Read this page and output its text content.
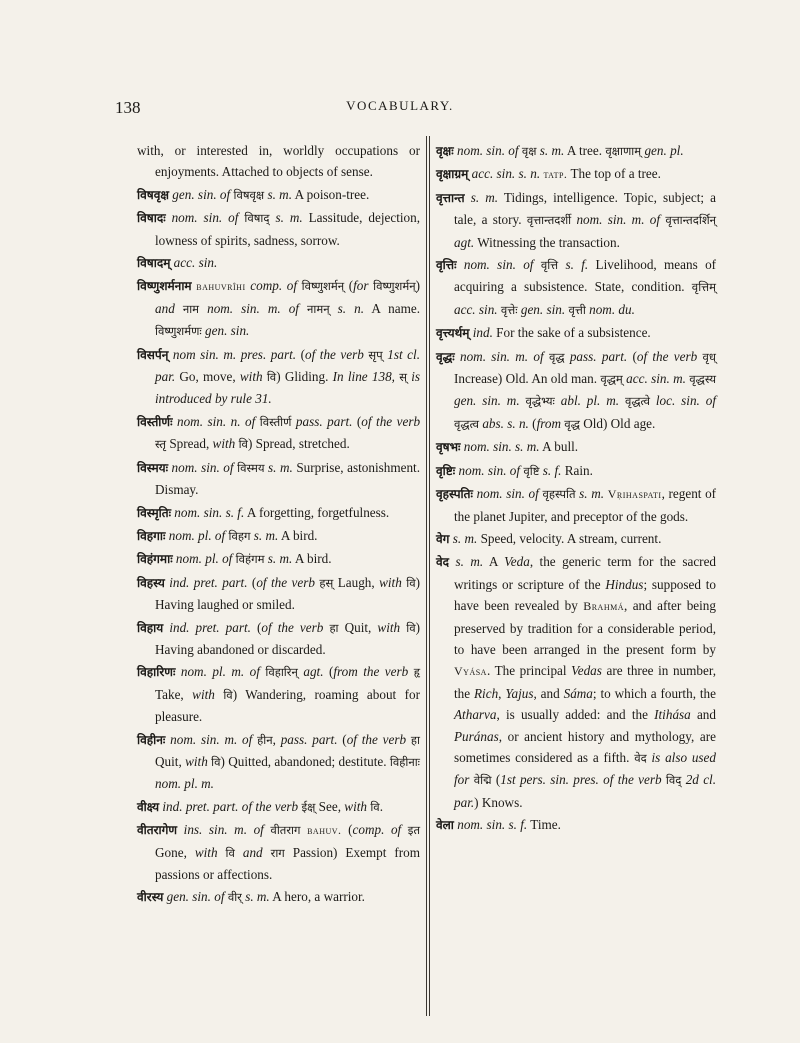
138	VOCABULARY.

with, or interested in, worldly occupations or enjoyments. Attached to objects of sense.

विषवृक्ष gen. sin. of विषवृक्ष s. m. A poison-tree.

विषादः nom. sin. of विषाद् s. m. Lassitude, dejection, lowness of spirits, sadness, sorrow.

विषादम् acc. sin.

विष्णुशर्मनाम bahuvrîhi comp. of विष्णुशर्मन् (for विष्णुशर्मन्) and नाम nom. sin. m. of नामन् s. n. A name. विष्णुशर्मणः gen. sin.

विसर्पन् nom sin. m. pres. part. (of the verb सृप् 1st cl. par. Go, move, with वि) Gliding. In line 138, स् is introduced by rule 31.

विस्तीर्णः nom. sin. n. of विस्तीर्ण pass. part. (of the verb स्तृ Spread, with वि) Spread, stretched.

विस्मयः nom. sin. of विस्मय s. m. Surprise, astonishment. Dismay.

विस्मृतिः nom. sin. s. f. A forgetting, forgetfulness.

विहगाः nom. pl. of विहग s. m. A bird.

विहंगमाः nom. pl. of विहंगम s. m. A bird.

विहस्य ind. pret. part. (of the verb हस् Laugh, with वि) Having laughed or smiled.

विहाय ind. pret. part. (of the verb हा Quit, with वि) Having abandoned or discarded.

विहारिणः nom. pl. m. of विहारिन् agt. (from the verb हृ Take, with वि) Wandering, roaming about for pleasure.

विहीनः nom. sin. m. of हीन, pass. part. (of the verb हा Quit, with वि) Quitted, abandoned; destitute. विहीनाः nom. pl. m.

वीक्ष्य ind. pret. part. of the verb ईक्ष् See, with वि.

वीतरागेण ins. sin. m. of वीतराग bahuv. (comp. of इत Gone, with वि and राग Passion) Exempt from passions or affections.

वीरस्य gen. sin. of वीर् s. m. A hero, a warrior.

वृक्षः nom. sin. of वृक्ष s. m. A tree. वृक्षाणाम् gen. pl.

वृक्षाग्रम् acc. sin. s. n. tatp. The top of a tree.

वृत्तान्त s. m. Tidings, intelligence. Topic, subject; a tale, a story. वृत्तान्तदर्शी nom. sin. m. of वृत्तान्तदर्शिन् agt. Witnessing the transaction.

वृत्तिः nom. sin. of वृत्ति s. f. Livelihood, means of acquiring a subsistence. State, condition. वृत्तिम् acc. sin. वृत्तेः gen. sin. वृत्ती nom. du.

वृत्त्यर्थम् ind. For the sake of a subsistence.

वृद्धः nom. sin. m. of वृद्ध pass. part. (of the verb वृध् Increase) Old. An old man. वृद्धम् acc. sin. m. वृद्धस्य gen. sin. m. वृद्धेभ्यः abl. pl. m. वृद्धत्वे loc. sin. of वृद्धत्व abs. s. n. (from वृद्ध Old) Old age.

वृषभः nom. sin. s. m. A bull.

वृष्टिः nom. sin. of वृष्टि s. f. Rain.

वृहस्पतिः nom. sin. of वृहस्पति s. m. Vṛihaspati, regent of the planet Jupiter, and preceptor of the gods.

वेग s. m. Speed, velocity. A stream, current.

वेद s. m. A Veda, the generic term for the sacred writings or scripture of the Hindus; supposed to have been revealed by Brahmá, and after being preserved by tradition for a considerable period, to have been arranged in the present form by Vyása. The principal Vedas are three in number, the Rich, Yajus, and Sáma; to which a fourth, the Atharva, is usually added: and the Itihása and Puránas, or ancient history and mythology, are sometimes considered as a fifth. वेद is also used for वेद्मि (1st pers. sin. pres. of the verb विद् 2d cl. par.) Knows.

वेला nom. sin. s. f. Time.
